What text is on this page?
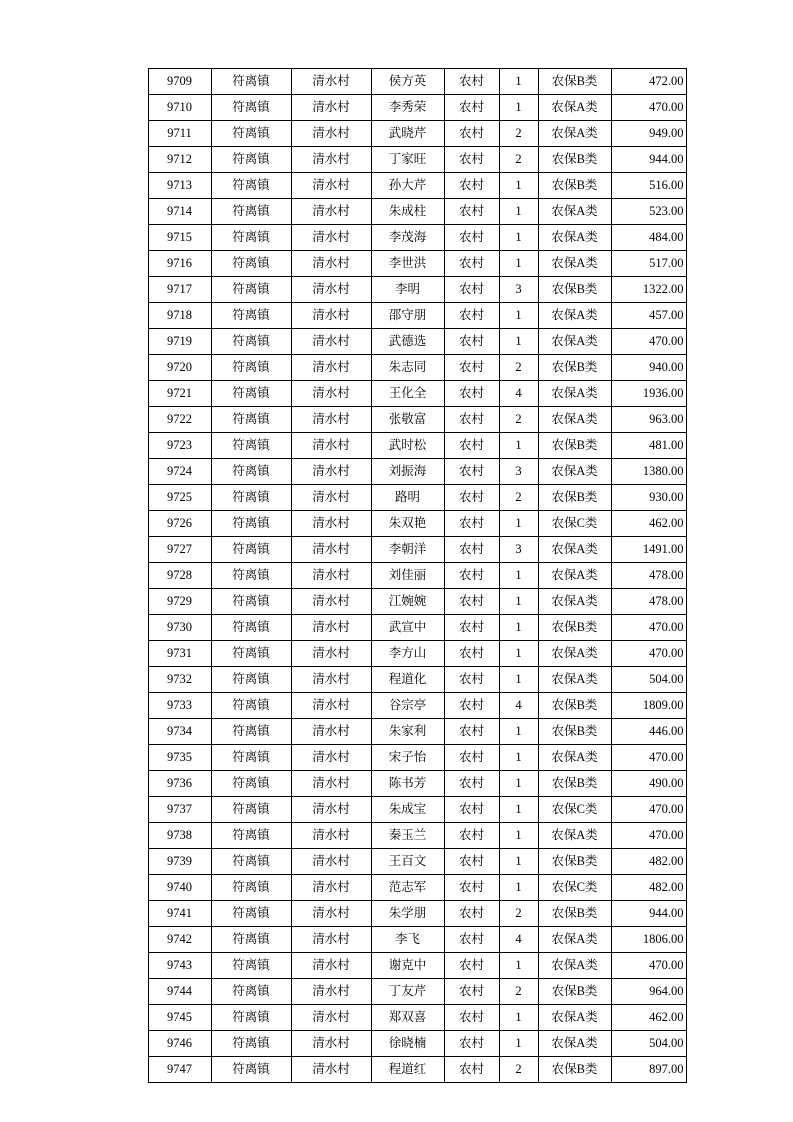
9709	符离镇	清水村	侯方英	农村	1	农保B类	472.00
9710	符离镇	清水村	李秀荣	农村	1	农保A类	470.00
9711	符离镇	清水村	武晓芹	农村	2	农保A类	949.00
9712	符离镇	清水村	丁家旺	农村	2	农保B类	944.00
9713	符离镇	清水村	孙大芹	农村	1	农保B类	516.00
9714	符离镇	清水村	朱成柱	农村	1	农保A类	523.00
9715	符离镇	清水村	李茂海	农村	1	农保A类	484.00
9716	符离镇	清水村	李世洪	农村	1	农保A类	517.00
9717	符离镇	清水村	李明	农村	3	农保B类	1322.00
9718	符离镇	清水村	邵守朋	农村	1	农保A类	457.00
9719	符离镇	清水村	武德选	农村	1	农保A类	470.00
9720	符离镇	清水村	朱志同	农村	2	农保B类	940.00
9721	符离镇	清水村	王化全	农村	4	农保A类	1936.00
9722	符离镇	清水村	张敬富	农村	2	农保A类	963.00
9723	符离镇	清水村	武时松	农村	1	农保B类	481.00
9724	符离镇	清水村	刘振海	农村	3	农保A类	1380.00
9725	符离镇	清水村	路明	农村	2	农保B类	930.00
9726	符离镇	清水村	朱双艳	农村	1	农保C类	462.00
9727	符离镇	清水村	李朝洋	农村	3	农保A类	1491.00
9728	符离镇	清水村	刘佳丽	农村	1	农保A类	478.00
9729	符离镇	清水村	江婉婉	农村	1	农保A类	478.00
9730	符离镇	清水村	武宣中	农村	1	农保B类	470.00
9731	符离镇	清水村	李方山	农村	1	农保A类	470.00
9732	符离镇	清水村	程道化	农村	1	农保A类	504.00
9733	符离镇	清水村	谷宗亭	农村	4	农保B类	1809.00
9734	符离镇	清水村	朱家利	农村	1	农保B类	446.00
9735	符离镇	清水村	宋子怡	农村	1	农保A类	470.00
9736	符离镇	清水村	陈书芳	农村	1	农保B类	490.00
9737	符离镇	清水村	朱成宝	农村	1	农保C类	470.00
9738	符离镇	清水村	秦玉兰	农村	1	农保A类	470.00
9739	符离镇	清水村	王百文	农村	1	农保B类	482.00
9740	符离镇	清水村	范志军	农村	1	农保C类	482.00
9741	符离镇	清水村	朱学朋	农村	2	农保B类	944.00
9742	符离镇	清水村	李飞	农村	4	农保A类	1806.00
9743	符离镇	清水村	谢克中	农村	1	农保A类	470.00
9744	符离镇	清水村	丁友芹	农村	2	农保B类	964.00
9745	符离镇	清水村	郑双喜	农村	1	农保A类	462.00
9746	符离镇	清水村	徐晓楠	农村	1	农保A类	504.00
9747	符离镇	清水村	程道红	农村	2	农保B类	897.00
